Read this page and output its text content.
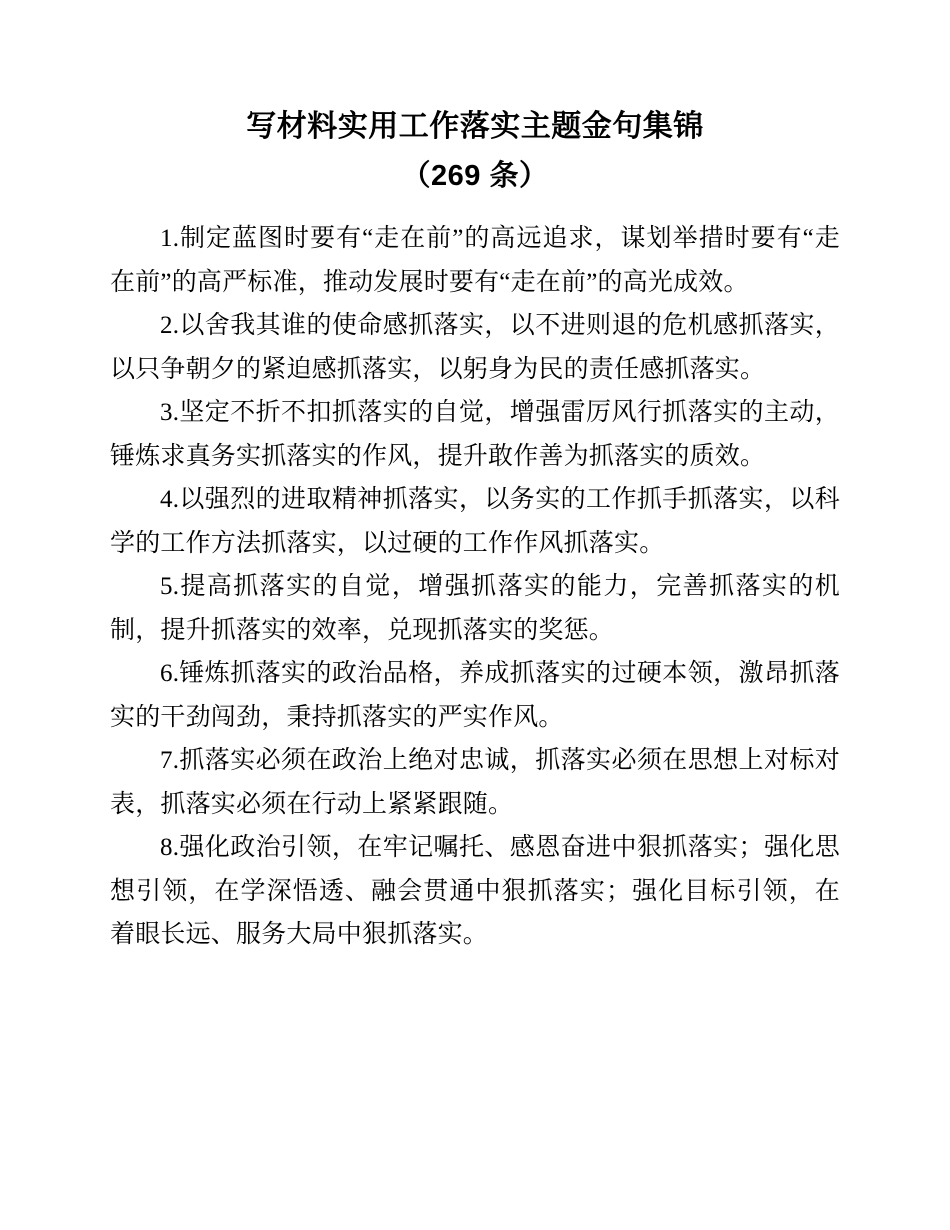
写材料实用工作落实主题金句集锦
（269 条）

1.制定蓝图时要有“走在前”的高远追求，谋划举措时要有“走在前”的高严标准，推动发展时要有“走在前”的高光成效。

2.以舍我其谁的使命感抓落实，以不进则退的危机感抓落实，以只争朝夕的紧迫感抓落实，以躬身为民的责任感抓落实。

3.坚定不折不扣抓落实的自觉，增强雷厉风行抓落实的主动，锤炼求真务实抓落实的作风，提升敢作善为抓落实的质效。

4.以强烈的进取精神抓落实，以务实的工作抓手抓落实，以科学的工作方法抓落实，以过硬的工作作风抓落实。

5.提高抓落实的自觉，增强抓落实的能力，完善抓落实的机制，提升抓落实的效率，兑现抓落实的奖惩。

6.锤炼抓落实的政治品格，养成抓落实的过硬本领，激昂抓落实的干劲闯劲，秉持抓落实的严实作风。

7.抓落实必须在政治上绝对忠诚，抓落实必须在思想上对标对表，抓落实必须在行动上紧紧跟随。

8.强化政治引领，在牢记嘱托、感恩奋进中狠抓落实；强化思想引领，在学深悟透、融会贯通中狠抓落实；强化目标引领，在着眼长远、服务大局中狠抓落实。
